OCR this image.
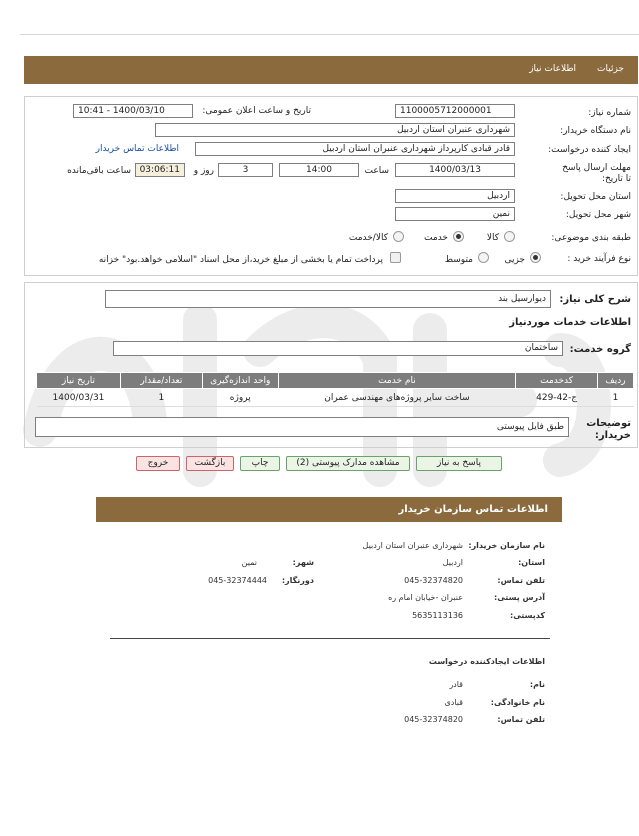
جزئیات
اطلاعات نیاز
شماره نیاز:
1100005712000001
تاریخ و ساعت اعلان عمومی:
1400/03/10 - 10:41
نام دستگاه خریدار:
شهرداری عنبران استان اردبیل
ایجاد کننده درخواست:
قادر قبادی کارپرداز شهرداری عنبران استان اردبیل
اطلاعات تماس خریدار
مهلت ارسال پاسخ تا تاریخ:
1400/03/13
ساعت
14:00
3
روز و
03:06:11
ساعت باقی‌مانده
استان محل تحویل:
اردبیل
شهر محل تحویل:
نمین
طبقه بندی موضوعی:
کالا
خدمت
کالا/خدمت
نوع فرآیند خرید :
جزیی
متوسط
پرداخت تمام یا بخشی از مبلغ خرید،از محل اسناد "اسلامی خواهد.بود" خزانه
شرح کلی نیاز:
دیوارسیل بند
اطلاعات خدمات موردنیاز
گروه خدمت:
ساختمان
ردیف	کدخدمت	نام خدمت	واحد اندازه‌گیری	تعداد/مقدار	تاریخ نیاز
1	ج-42-429	ساخت سایر پروژه‌های مهندسی عمران	پروژه	1	1400/03/31
توضیحات خریدار:
طبق فایل پیوستی
پاسخ به نیاز
مشاهده مدارک پیوستی (2)
چاپ
بازگشت
خروج
اطلاعات تماس سازمان خریدار
نام سازمان خریدار:
شهرداری عنبران استان اردبیل
استان:
اردبیل
شهر:
نمین
تلفن تماس:
045-32374820
دورنگار:
045-32374444
آدرس پستی:
عنبران -خیابان امام ره
کدپستی:
5635113136
اطلاعات ایجادکننده درخواست
نام:
قادر
نام خانوادگی:
قبادی
تلفن تماس:
045-32374820
